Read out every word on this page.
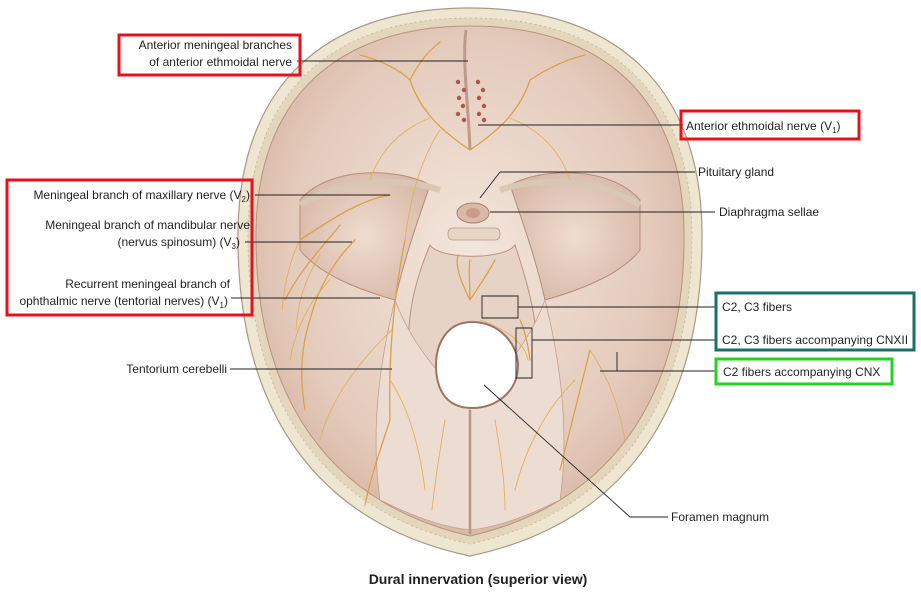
Anterior meningeal branches
of anterior ethmoidal nerve
Anterior ethmoidal nerve $(V_1)$
Pituitary gland
Diaphragma sellae
Meningeal branch of maxillary nerve $(V_2)$
Meningeal branch of mandibular nerve
(nervus spinosum) $(V_3)$
Recurrent meningeal branch of
ophthalmic nerve (tentorial nerves) $(V_1)$	C2, C3 fibers
C2, C3 fibers accompanying CNXII
C2 fibers accompanying CNX
Tentorium cerebelli
Foramen magnum
Dural innervation (superior view)
